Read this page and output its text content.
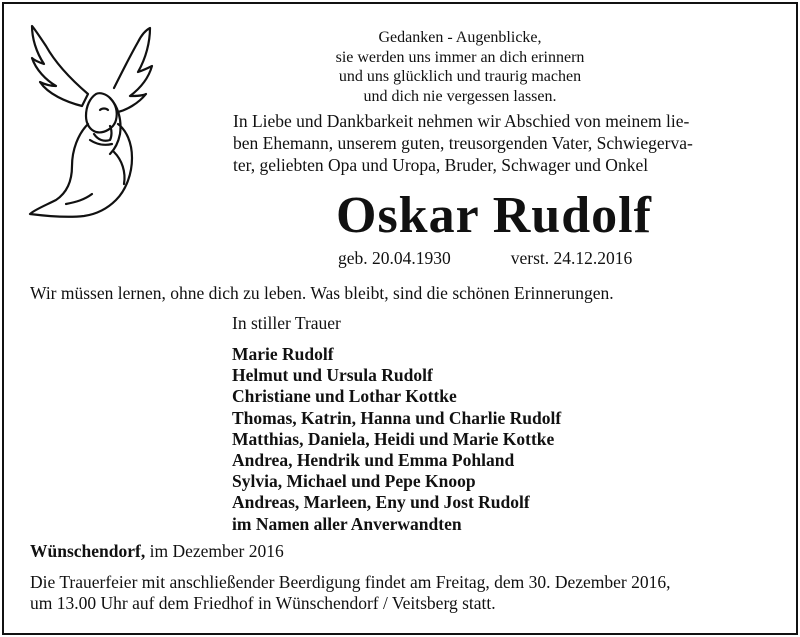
Gedanken - Augenblicke,
sie werden uns immer an dich erinnern
und uns glücklich und traurig machen
und dich nie vergessen lassen.
In Liebe und Dankbarkeit nehmen wir Abschied von meinem lie-
ben Ehemann, unserem guten, treusorgenden Vater, Schwiegerva-
ter, geliebten Opa und Uropa, Bruder, Schwager und Onkel
Oskar Rudolf
geb. 20.04.1930	verst. 24.12.2016
Wir müssen lernen, ohne dich zu leben. Was bleibt, sind die schönen Erinnerungen.
In stiller Trauer
Marie Rudolf
Helmut und Ursula Rudolf
Christiane und Lothar Kottke
Thomas, Katrin, Hanna und Charlie Rudolf
Matthias, Daniela, Heidi und Marie Kottke
Andrea, Hendrik und Emma Pohland
Sylvia, Michael und Pepe Knoop
Andreas, Marleen, Eny und Jost Rudolf
im Namen aller Anverwandten
Wünschendorf, im Dezember 2016
Die Trauerfeier mit anschließender Beerdigung findet am Freitag, dem 30. Dezember 2016,
um 13.00 Uhr auf dem Friedhof in Wünschendorf / Veitsberg statt.
